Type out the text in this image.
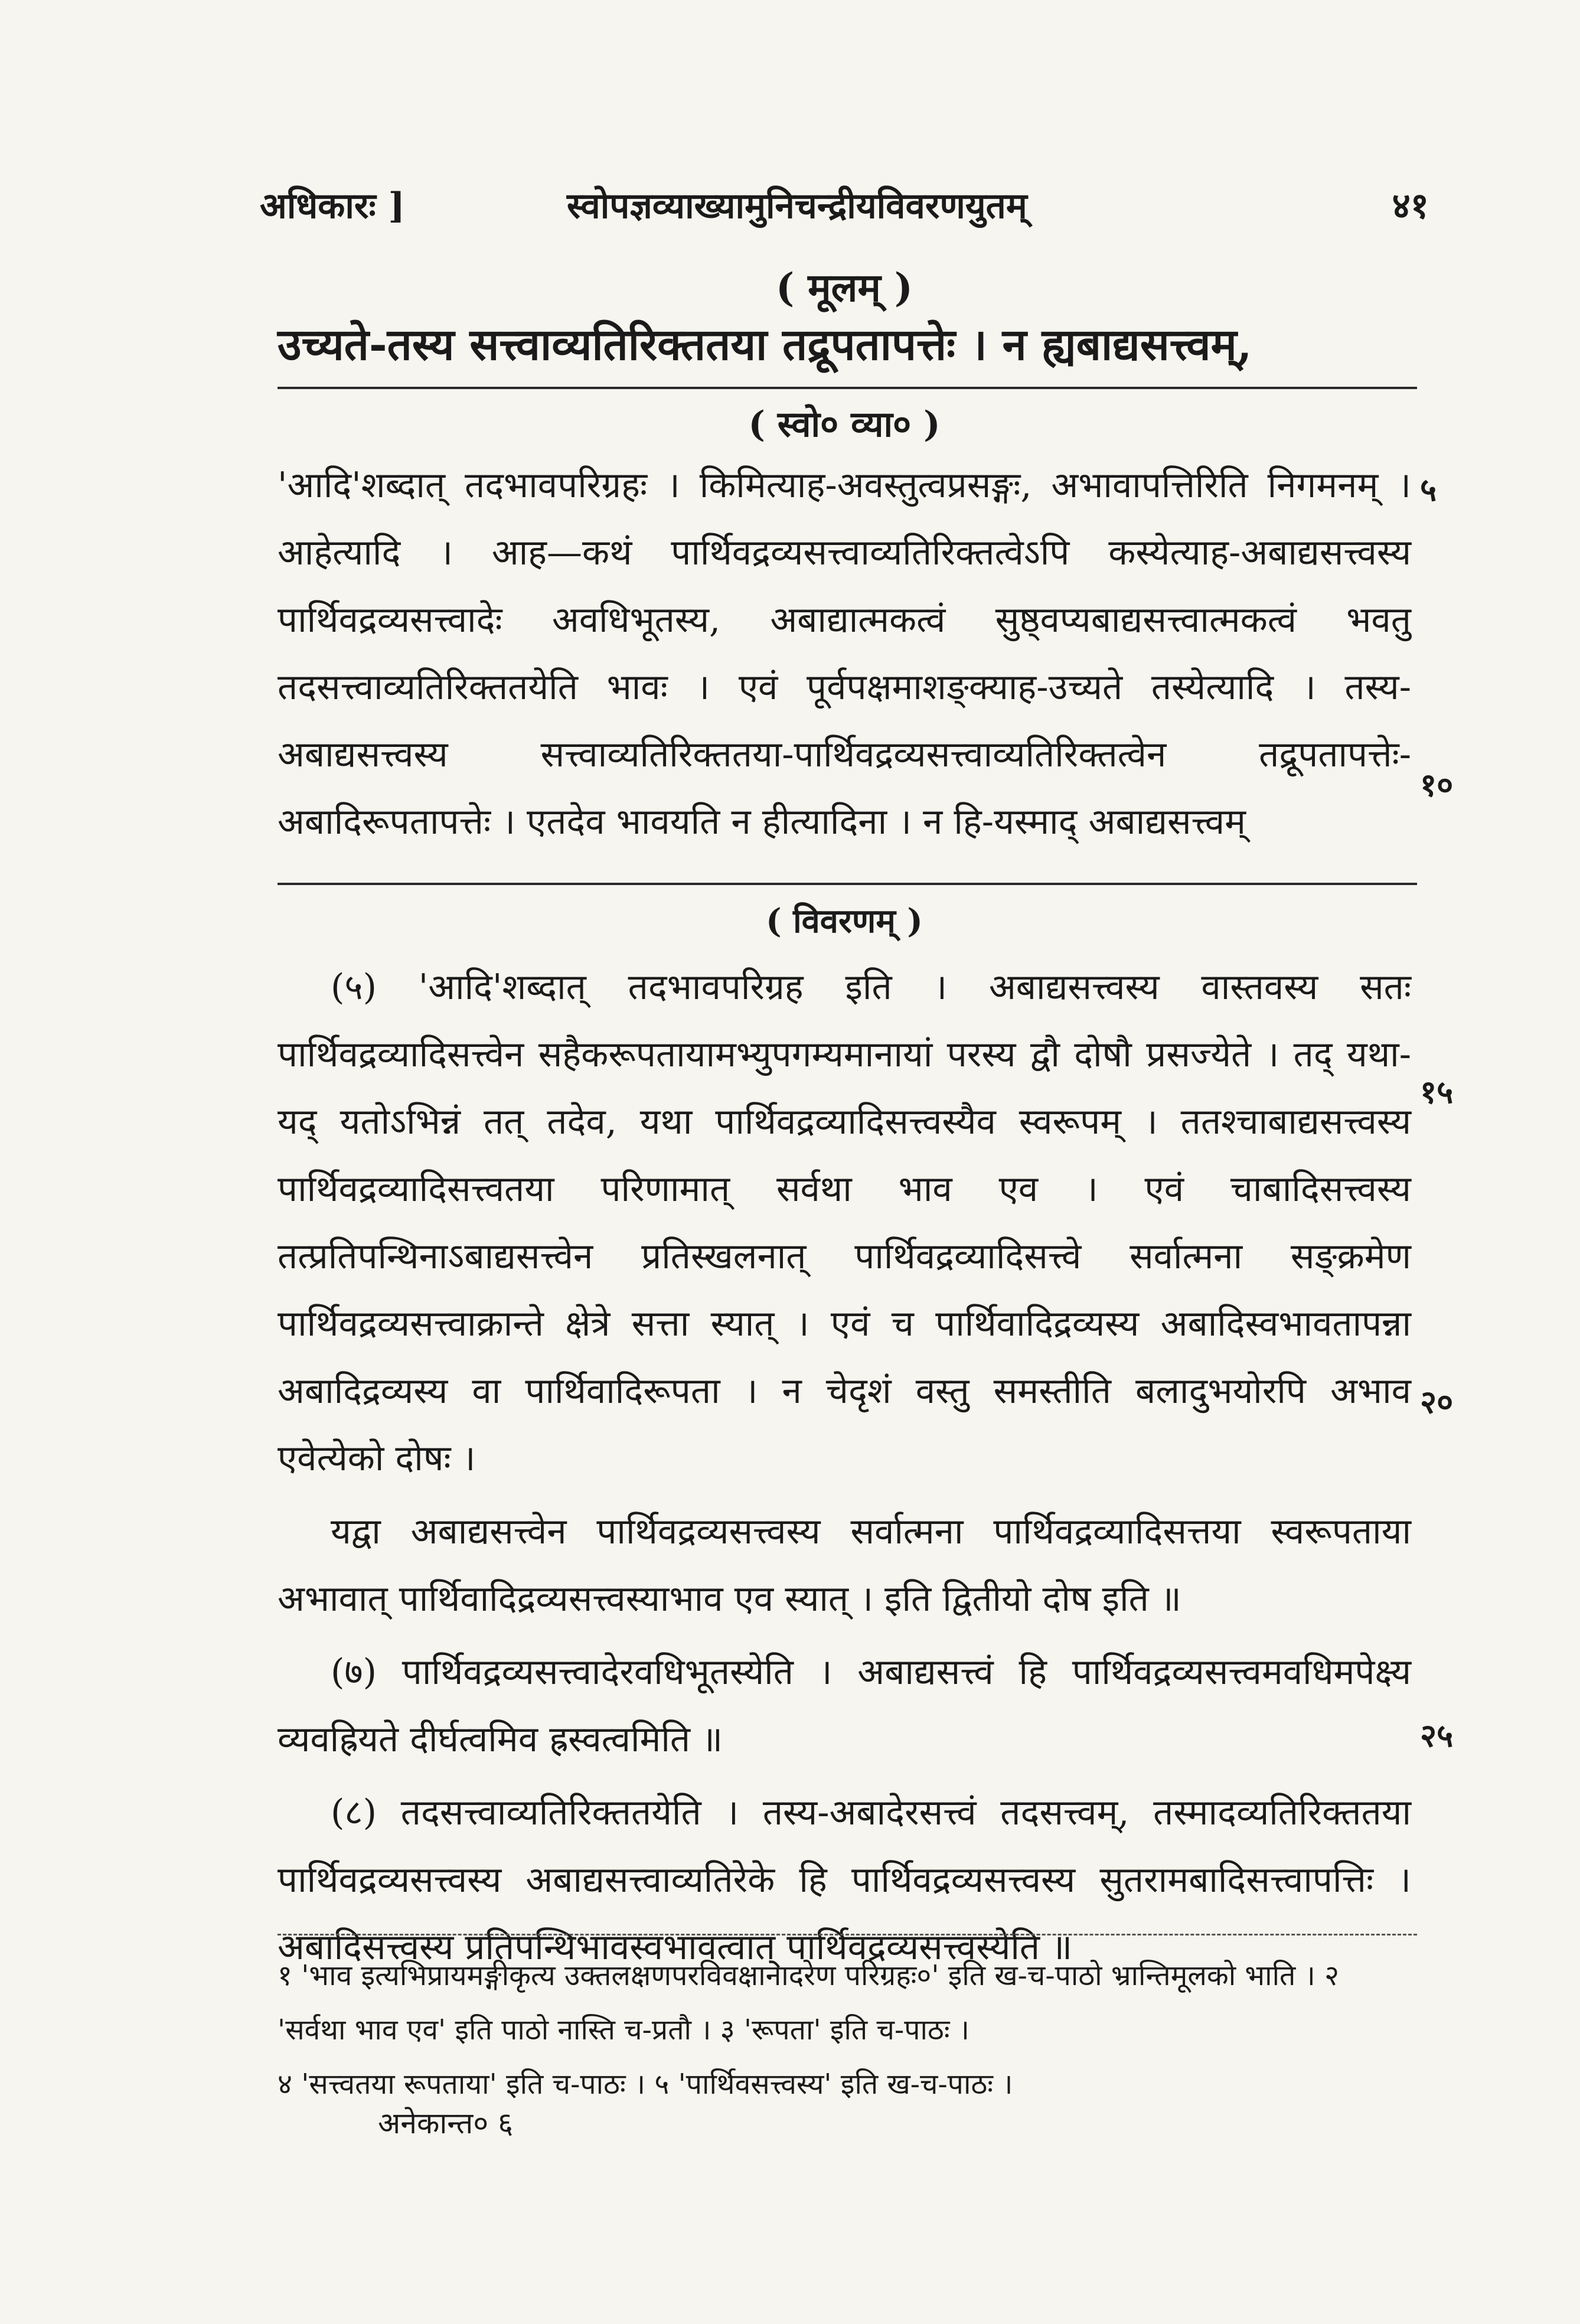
अधिकारः ]	स्वोपज्ञव्याख्यामुनिचन्द्रीयविवरणयुतम्	४१
( मूलम् )
उच्यते-तस्य सत्त्वाव्यतिरिक्ततया तद्रूपतापत्तेः । न ह्यबाद्यसत्त्वम्,
( स्वो० व्या० )

'आदि'शब्दात् तदभावपरिग्रहः । किमित्याह-अवस्तुत्वप्रसङ्गः, अभावापत्तिरिति निगमनम् । आहेत्यादि । आह—कथं पार्थिवद्रव्यसत्त्वाव्यतिरिक्तत्वेऽपि कस्येत्याह-अबाद्यसत्त्वस्य पार्थिवद्रव्यसत्त्वादेः अवधिभूतस्य, अबाद्यात्मकत्वं सुष्ठ्वप्यबाद्यसत्त्वात्मकत्वं भवतु तदसत्त्वाव्यतिरिक्ततयेति भावः । एवं पूर्वपक्षमाशङ्क्याह-उच्यते तस्येत्यादि । तस्य-अबाद्यसत्त्वस्य सत्त्वाव्यतिरिक्ततया-पार्थिवद्रव्यसत्त्वाव्यतिरिक्तत्वेन तद्रूपतापत्तेः-अबादिरूपतापत्तेः । एतदेव भावयति न हीत्यादिना । न हि-यस्माद् अबाद्यसत्त्वम्

( विवरणम् )

(५) 'आदि'शब्दात् तदभावपरिग्रह इति । अबाद्यसत्त्वस्य वास्तवस्य सतः पार्थिवद्रव्यादिसत्त्वेन सहैकरूपतायामभ्युपगम्यमानायां परस्य द्वौ दोषौ प्रसज्येते । तद् यथा-यद् यतोऽभिन्नं तत् तदेव, यथा पार्थिवद्रव्यादिसत्त्वस्यैव स्वरूपम् । ततश्चाबाद्यसत्त्वस्य पार्थिवद्रव्यादिसत्त्वतया परिणामात् सर्वथा भाव एव । एवं चाबादिसत्त्वस्य तत्प्रतिपन्थिनाऽबाद्यसत्त्वेन प्रतिस्खलनात् पार्थिवद्रव्यादिसत्त्वे सर्वात्मना सङ्क्रमेण पार्थिवद्रव्यसत्त्वाक्रान्ते क्षेत्रे सत्ता स्यात् । एवं च पार्थिवादिद्रव्यस्य अबादिस्वभावतापन्ना अबादिद्रव्यस्य वा पार्थिवादिरूपता । न चेदृशं वस्तु समस्तीति बलादुभयोरपि अभाव एवेत्येको दोषः ।

यद्वा अबाद्यसत्त्वेन पार्थिवद्रव्यसत्त्वस्य सर्वात्मना पार्थिवद्रव्यादिसत्तया स्वरूपताया अभावात् पार्थिवादिद्रव्यसत्त्वस्याभाव एव स्यात् । इति द्वितीयो दोष इति ॥

(७) पार्थिवद्रव्यसत्त्वादेरवधिभूतस्येति । अबाद्यसत्त्वं हि पार्थिवद्रव्यसत्त्वमवधिमपेक्ष्य व्यवह्रियते दीर्घत्वमिव ह्रस्वत्वमिति ॥

(८) तदसत्त्वाव्यतिरिक्ततयेति । तस्य-अबादेरसत्त्वं तदसत्त्वम्, तस्मादव्यतिरिक्ततया पार्थिवद्रव्यसत्त्वस्य अबाद्यसत्त्वाव्यतिरेके हि पार्थिवद्रव्यसत्त्वस्य सुतरामबादिसत्त्वापत्तिः । अबादिसत्त्वस्य प्रतिपन्थिभावस्वभावत्वात् पार्थिवद्रव्यसत्त्वस्येति ॥

५
१०
१५
२०
२५
१ 'भाव इत्यभिप्रायमङ्गीकृत्य उक्तलक्षणपरविवक्षानादरेण परिग्रहः०' इति ख-च-पाठो भ्रान्तिमूलको भाति । २ 'सर्वथा भाव एव' इति पाठो नास्ति च-प्रतौ । ३ 'रूपता' इति च-पाठः ।
४ 'सत्त्वतया रूपताया' इति च-पाठः । ५ 'पार्थिवसत्त्वस्य' इति ख-च-पाठः ।
अनेकान्त० ६
